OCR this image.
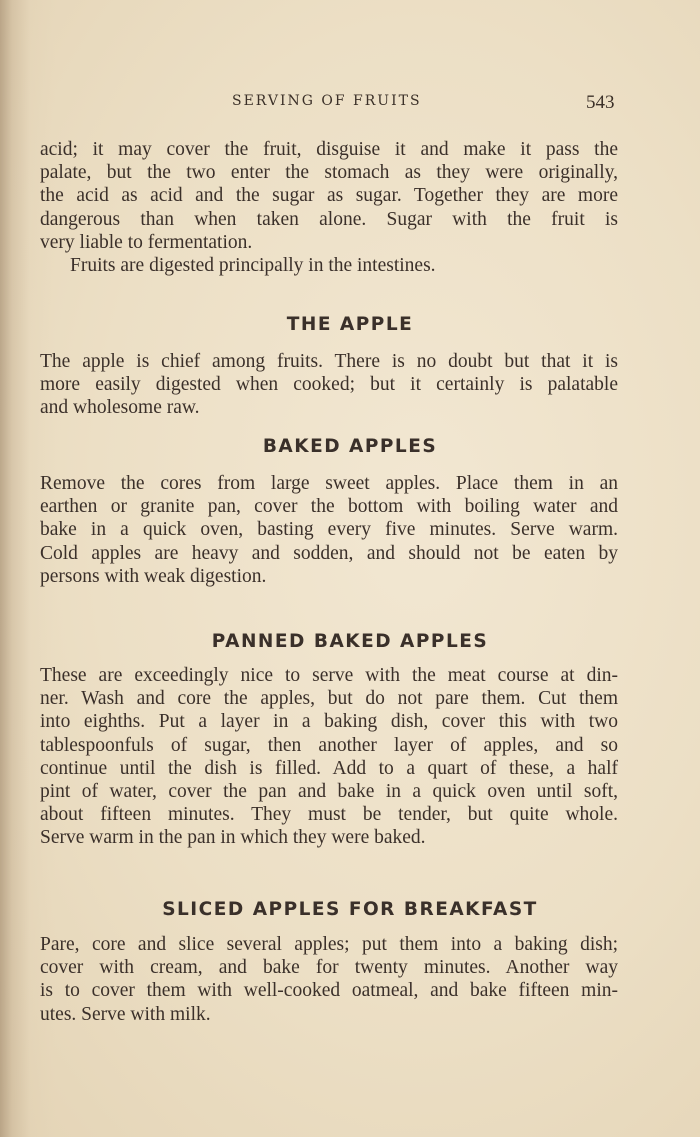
SERVING OF FRUITS	543
acid; it may cover the fruit, disguise it and make it pass the
palate, but the two enter the stomach as they were originally,
the acid as acid and the sugar as sugar. Together they are more
dangerous than when taken alone. Sugar with the fruit is
very liable to fermentation.
Fruits are digested principally in the intestines.
THE APPLE
The apple is chief among fruits. There is no doubt but that it is
more easily digested when cooked; but it certainly is palatable
and wholesome raw.
BAKED APPLES
Remove the cores from large sweet apples. Place them in an
earthen or granite pan, cover the bottom with boiling water and
bake in a quick oven, basting every five minutes. Serve warm.
Cold apples are heavy and sodden, and should not be eaten by
persons with weak digestion.
PANNED BAKED APPLES
These are exceedingly nice to serve with the meat course at din-
ner. Wash and core the apples, but do not pare them. Cut them
into eighths. Put a layer in a baking dish, cover this with two
tablespoonfuls of sugar, then another layer of apples, and so
continue until the dish is filled. Add to a quart of these, a half
pint of water, cover the pan and bake in a quick oven until soft,
about fifteen minutes. They must be tender, but quite whole.
Serve warm in the pan in which they were baked.
SLICED APPLES FOR BREAKFAST
Pare, core and slice several apples; put them into a baking dish;
cover with cream, and bake for twenty minutes. Another way
is to cover them with well-cooked oatmeal, and bake fifteen min-
utes. Serve with milk.
